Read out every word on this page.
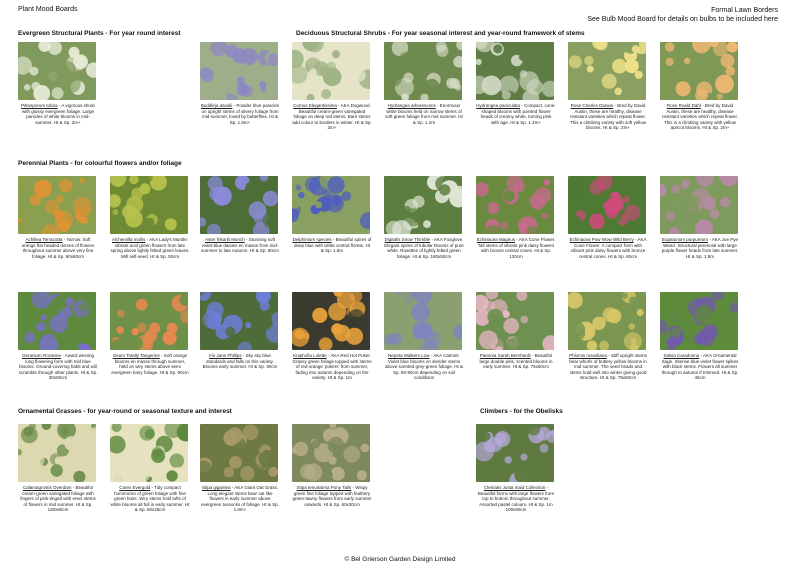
Plant Mood Boards	Formal Lawn Borders
See Bulb Mood Board for details on bulbs to be included here
Evergreen Structural Plants - For year round interest	Deciduous Structural Shrubs - For year seasonal interest and year-round framework of stems
Perennial Plants - for colourful flowers and/or foliage
Ornamental Grasses - for year-round or seasonal texture and interest	Climbers - for the Obelisks
Pittosporum tobira - A vigorous shrub with glossy evergreen foliage. Large panicles of white blooms in mid-summer. Ht & Sp. 2m+
Buddleja davidii - Powder blue panicles on upright stems of silvery foliage from mid-summer, loved by butterflies. Ht & Sp. 1.5m+
Cornus Elegantissima - AKA Dogwood. Beautiful cream-green variegated foliage on deep red stems. Bare stems add colour to borders in winter. Ht & Sp. 2m+
Hydrangea arborescens - Enormous white blooms held on narrow stems of soft green foliage from mid summer. Ht & Sp. 1.2m
Hydrangea paniculata - Compact, cone-shaped blooms with pointed flower heads of creamy white, turning pink with age. Ht & Sp. 1.2m+
Rose Charles Darwin - Bred by David Austin, these are healthy, disease resistant varieties which repeat flower. This a climbing variety with soft yellow blooms. Ht & Sp. 2m+
Rose Roald Dahl - Bred by David Austin, these are healthy, disease resistant varieties which repeat flower. This is a climbing variety with yellow apricot blooms. Ht & Sp. 2m+
Achillea Terracotta - Yarrow. Soft orange flat headed domes of flowers throughout summer above very fine foliage. Ht & Sp. 60x60cm
Alchemilla mollis - AKA Lady's Mantle: vibrant acid green flowers from late spring above lightly felted green leaves. Will self-seed. Ht & Sp. 50cm
Aster frikartii Monch - Stunning soft violet-blue daisies en masse from mid-summer to late Autumn. Ht & Sp. 80cm
Delphinium species - Beautiful spires of deep blue with white central florets. Ht & Sp. 1.8m
Digitalis Snow Thimble - AKA Foxglove. Elegant spires of tubular blooms of pure white. Rosettes of lightly felted green foliage. Ht & Sp. 180x50cm
Echinacea Magnus - AKA Cone Flower. Tall stems of vibrant pink daisy flowers with bronze central cones. Ht & Sp. 120cm
Echinacea Pow Wow Wild Berry - AKA Cone Flower. A compact form with vibrant pink daisy flowers with bronze central cones. Ht & Sp. 60cm
Eupatorium purpureum - AKA Joe Pye Weed. Structural perennial with large purple flower heads from late summer. Ht & Sp. 1.5m
Geranium Rozanne - Award winning long flowering form with mid blue blooms. Ground-covering habit and will scramble through other plants. Ht & Sp. 30x60cm
Geum Totally Tangerine - Soft orange blooms en masse through summer, held on wiry stems above semi evergreen hairy foliage. Ht & Sp. 90cm
Iris Jane Phillips - Sky sky blue standards and falls on this variety. Blooms early summer. Ht & Sp. 90cm
Kniphofia Lolette - AKA Red Hot Poker. Grassy green foliage topped with stems of red-orange 'pokers' from summer, fading into autumn depending on the variety. Ht & Sp. 1m
Nepeta Walkers Low - AKA Catmint. Violet blue blooms on slender stems above scented grey-green foliage. Ht & Sp. 60-90cm depending on soil conditions
Paeonia Sarah Bernhardt - Beautiful large double pink, scented blooms in early summer. Ht & Sp. 75x60cm
Phlomis russeliana - Stiff upright stems bear whorls of buttery yellow blooms in mid summer. The seed heads and stems hold well into winter giving good structure. Ht & Sp. 75x60cm
Salvia Caradonna - AKA Ornamental Sage. Intense blue-violet flower spikes with black stems. Flowers all summer through to autumn if trimmed. Ht & Sp. 45cm
Calamagrostis Overdam - Beautiful cream-green variegated foliage with fingers of pink-tinged with erect stems of flowers in mid summer. Ht & Sp. 120x60cm
Carex Evergold - Tidy compact hummocks of green foliage with fine green hairs. Wiry stems hold tufts of white blooms all full in early summer. Ht & Sp. 60x25cm
Stipa gigantea - AKA Giant Oat Grass. Long elegant stems bear oat like flowers in early summer above evergreen tussocks of foliage. Ht & Sp. 1.8m+
Stipa tenuissima Pony Tails - Wispy green fine foliage topped with feathery green-tawny flowers from early summer onwards. Ht & Sp. 60x30cm
Clematis Justa maid Collection - Beautiful forms with large flowers from top to bottom throughout summer. Assorted pastel colours. Ht & Sp. 1m 100x60cm
© Bel Grierson Garden Design Limited
